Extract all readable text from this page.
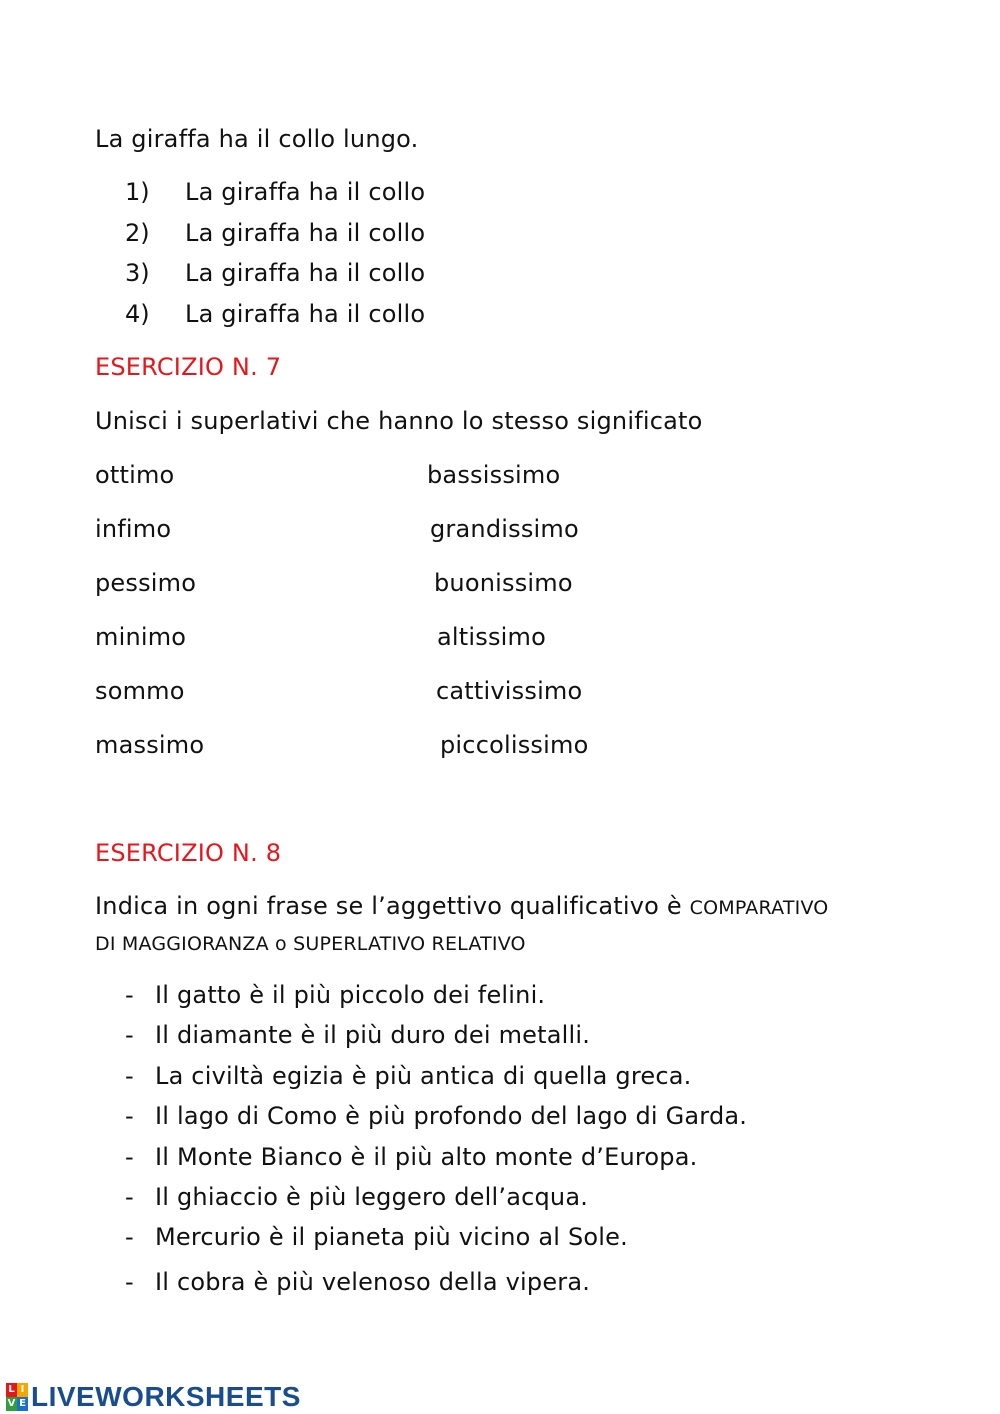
La giraffa ha il collo lungo.
1) La giraffa ha il collo
2) La giraffa ha il collo
3) La giraffa ha il collo
4) La giraffa ha il collo
ESERCIZIO N. 7
Unisci i superlativi che hanno lo stesso significato
ottimo	bassissimo
infimo	grandissimo
pessimo	buonissimo
minimo	altissimo
sommo	cattivissimo
massimo	piccolissimo
ESERCIZIO N. 8
Indica in ogni frase se l’aggettivo qualificativo è COMPARATIVO
DI MAGGIORANZA o SUPERLATIVO RELATIVO
- Il gatto è il più piccolo dei felini.
- Il diamante è il più duro dei metalli.
- La civiltà egizia è più antica di quella greca.
- Il lago di Como è più profondo del lago di Garda.
- Il Monte Bianco è il più alto monte d’Europa.
- Il ghiaccio è più leggero dell’acqua.
- Mercurio è il pianeta più vicino al Sole.
- Il cobra è più velenoso della vipera.
L I
V E LIVEWORKSHEETS
